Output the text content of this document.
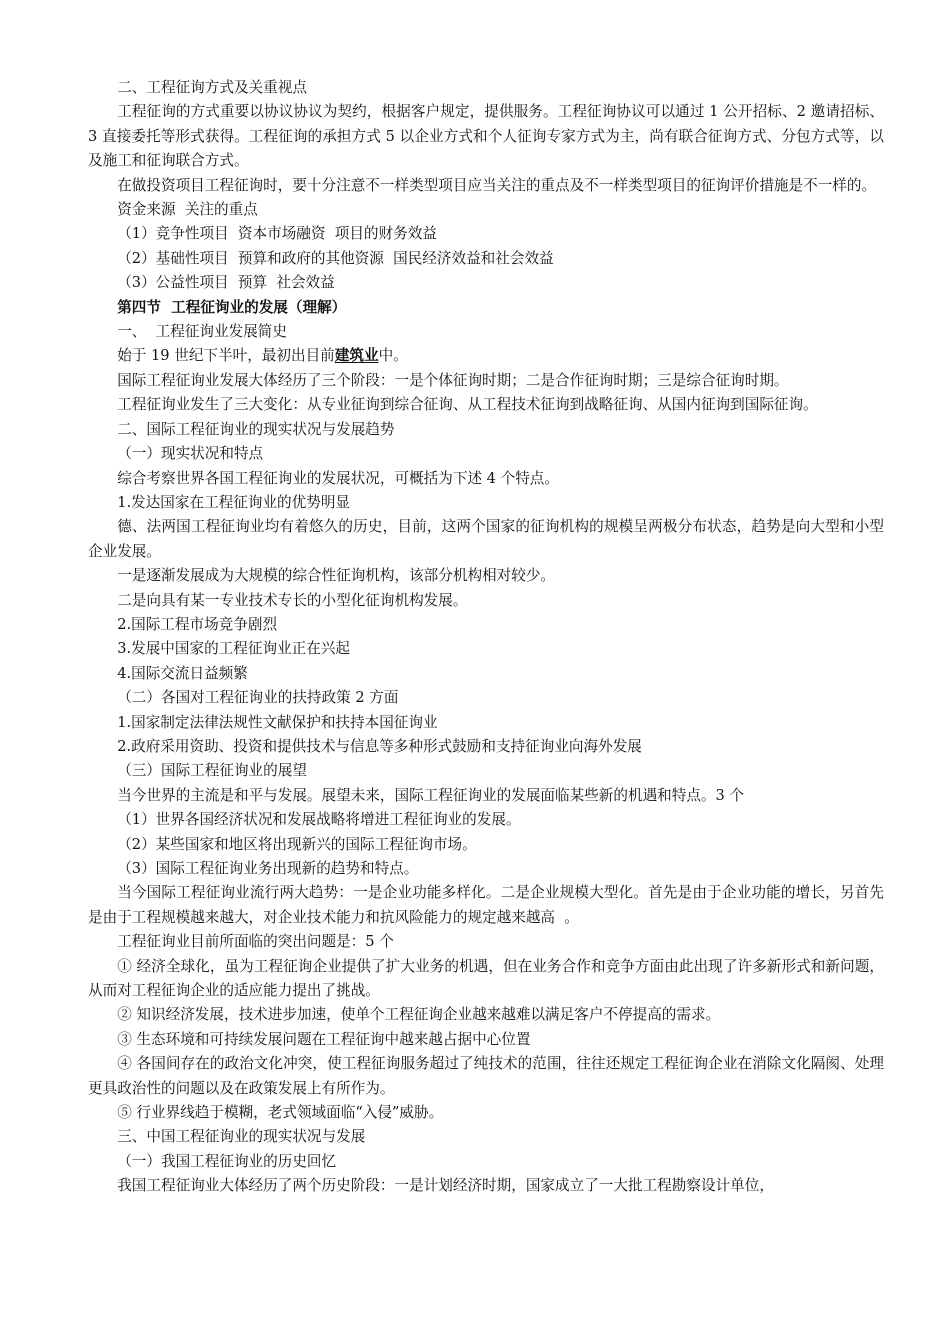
二、工程征询方式及关重视点

工程征询的方式重要以协议协议为契约，根据客户规定，提供服务。工程征询协议可以通过 1 公开招标、2 邀请招标、3 直接委托等形式获得。工程征询的承担方式 5 以企业方式和个人征询专家方式为主，尚有联合征询方式、分包方式等，以及施工和征询联合方式。

在做投资项目工程征询时，要十分注意不一样类型项目应当关注的重点及不一样类型项目的征询评价措施是不一样的。

资金来源  关注的重点

（1）竞争性项目  资本市场融资  项目的财务效益

（2）基础性项目  预算和政府的其他资源  国民经济效益和社会效益

（3）公益性项目  预算  社会效益

第四节  工程征询业的发展（理解）

一、  工程征询业发展简史

始于 19 世纪下半叶，最初出目前建筑业中。

国际工程征询业发展大体经历了三个阶段：一是个体征询时期；二是合作征询时期；三是综合征询时期。

工程征询业发生了三大变化：从专业征询到综合征询、从工程技术征询到战略征询、从国内征询到国际征询。

二、国际工程征询业的现实状况与发展趋势

（一）现实状况和特点

综合考察世界各国工程征询业的发展状况，可概括为下述 4 个特点。

1.发达国家在工程征询业的优势明显

德、法两国工程征询业均有着悠久的历史，目前，这两个国家的征询机构的规模呈两极分布状态，趋势是向大型和小型企业发展。

一是逐渐发展成为大规模的综合性征询机构，该部分机构相对较少。

二是向具有某一专业技术专长的小型化征询机构发展。

2.国际工程市场竞争剧烈

3.发展中国家的工程征询业正在兴起

4.国际交流日益频繁

（二）各国对工程征询业的扶持政策 2 方面

1.国家制定法律法规性文献保护和扶持本国征询业

2.政府采用资助、投资和提供技术与信息等多种形式鼓励和支持征询业向海外发展

（三）国际工程征询业的展望

当今世界的主流是和平与发展。展望未来，国际工程征询业的发展面临某些新的机遇和特点。3 个

（1）世界各国经济状况和发展战略将增进工程征询业的发展。

（2）某些国家和地区将出现新兴的国际工程征询市场。

（3）国际工程征询业务出现新的趋势和特点。

当今国际工程征询业流行两大趋势：一是企业功能多样化。二是企业规模大型化。首先是由于企业功能的增长，另首先是由于工程规模越来越大，对企业技术能力和抗风险能力的规定越来越高  。

工程征询业目前所面临的突出问题是：5 个

① 经济全球化，虽为工程征询企业提供了扩大业务的机遇，但在业务合作和竞争方面由此出现了许多新形式和新问题，从而对工程征询企业的适应能力提出了挑战。

② 知识经济发展，技术进步加速，使单个工程征询企业越来越难以满足客户不停提高的需求。

③ 生态环境和可持续发展问题在工程征询中越来越占据中心位置

④ 各国间存在的政治文化冲突，使工程征询服务超过了纯技术的范围，往往还规定工程征询企业在消除文化隔阂、处理更具政治性的问题以及在政策发展上有所作为。

⑤ 行业界线趋于模糊，老式领域面临“入侵”威胁。

三、中国工程征询业的现实状况与发展

（一）我国工程征询业的历史回忆

我国工程征询业大体经历了两个历史阶段：一是计划经济时期，国家成立了一大批工程勘察设计单位，
